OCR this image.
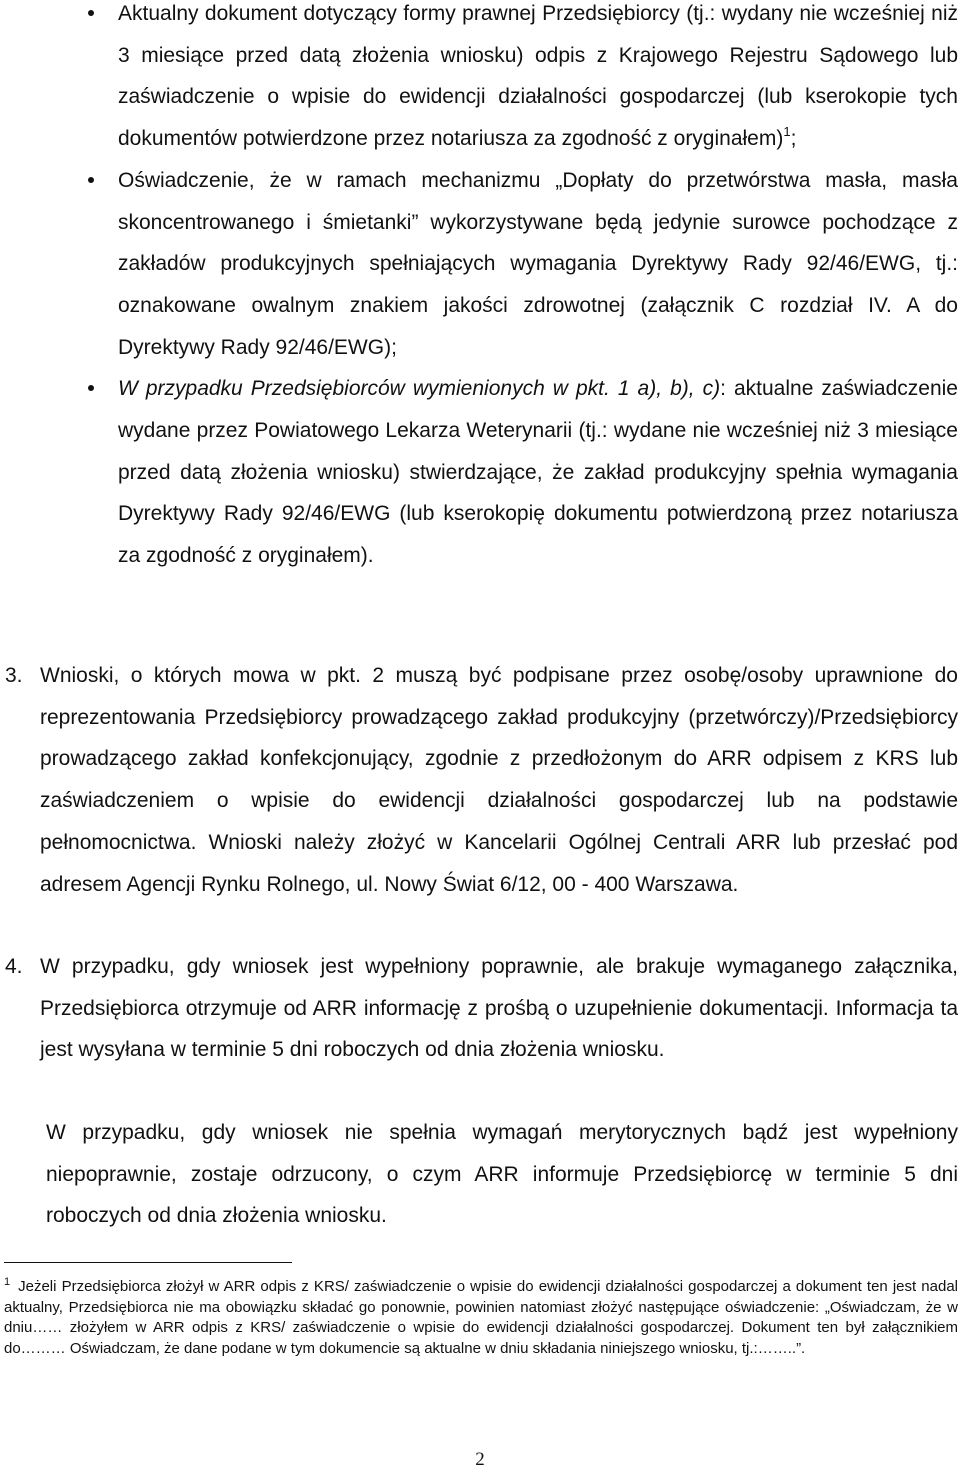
Aktualny dokument dotyczący formy prawnej Przedsiębiorcy (tj.: wydany nie wcześniej niż 3 miesiące przed datą złożenia wniosku) odpis z Krajowego Rejestru Sądowego lub zaświadczenie o wpisie do ewidencji działalności gospodarczej (lub kserokopie tych dokumentów potwierdzone przez notariusza za zgodność z oryginałem)$^1$;

Oświadczenie, że w ramach mechanizmu „Dopłaty do przetwórstwa masła, masła skoncentrowanego i śmietanki” wykorzystywane będą jedynie surowce pochodzące z zakładów produkcyjnych spełniających wymagania Dyrektywy Rady 92/46/EWG, tj.: oznakowane owalnym znakiem jakości zdrowotnej (załącznik C rozdział IV. A do Dyrektywy Rady 92/46/EWG);

W przypadku Przedsiębiorców wymienionych w pkt. 1 a), b), c): aktualne zaświadczenie wydane przez Powiatowego Lekarza Weterynarii (tj.: wydane nie wcześniej niż 3 miesiące przed datą złożenia wniosku) stwierdzające, że zakład produkcyjny spełnia wymagania Dyrektywy Rady 92/46/EWG (lub kserokopię dokumentu potwierdzoną przez notariusza za zgodność z oryginałem).

3. Wnioski, o których mowa w pkt. 2 muszą być podpisane przez osobę/osoby uprawnione do reprezentowania Przedsiębiorcy prowadzącego zakład produkcyjny (przetwórczy)/Przedsiębiorcy prowadzącego zakład konfekcjonujący, zgodnie z przedłożonym do ARR odpisem z KRS lub zaświadczeniem o wpisie do ewidencji działalności gospodarczej lub na podstawie pełnomocnictwa. Wnioski należy złożyć w Kancelarii Ogólnej Centrali ARR lub przesłać pod adresem Agencji Rynku Rolnego, ul. Nowy Świat 6/12, 00 - 400 Warszawa.
4. W przypadku, gdy wniosek jest wypełniony poprawnie, ale brakuje wymaganego załącznika, Przedsiębiorca otrzymuje od ARR informację z prośbą o uzupełnienie dokumentacji. Informacja ta jest wysyłana w terminie 5 dni roboczych od dnia złożenia wniosku.
W przypadku, gdy wniosek nie spełnia wymagań merytorycznych bądź jest wypełniony niepoprawnie, zostaje odrzucony, o czym ARR informuje Przedsiębiorcę w terminie 5 dni roboczych od dnia złożenia wniosku.
$^1$ Jeżeli Przedsiębiorca złożył w ARR odpis z KRS/ zaświadczenie o wpisie do ewidencji działalności gospodarczej a dokument ten jest nadal aktualny, Przedsiębiorca nie ma obowiązku składać go ponownie, powinien natomiast złożyć następujące oświadczenie: „Oświadczam, że w dniu…… złożyłem w ARR odpis z KRS/ zaświadczenie o wpisie do ewidencji działalności gospodarczej. Dokument ten był załącznikiem do……… Oświadczam, że dane podane w tym dokumencie są aktualne w dniu składania niniejszego wniosku, tj.:……..”.
2
